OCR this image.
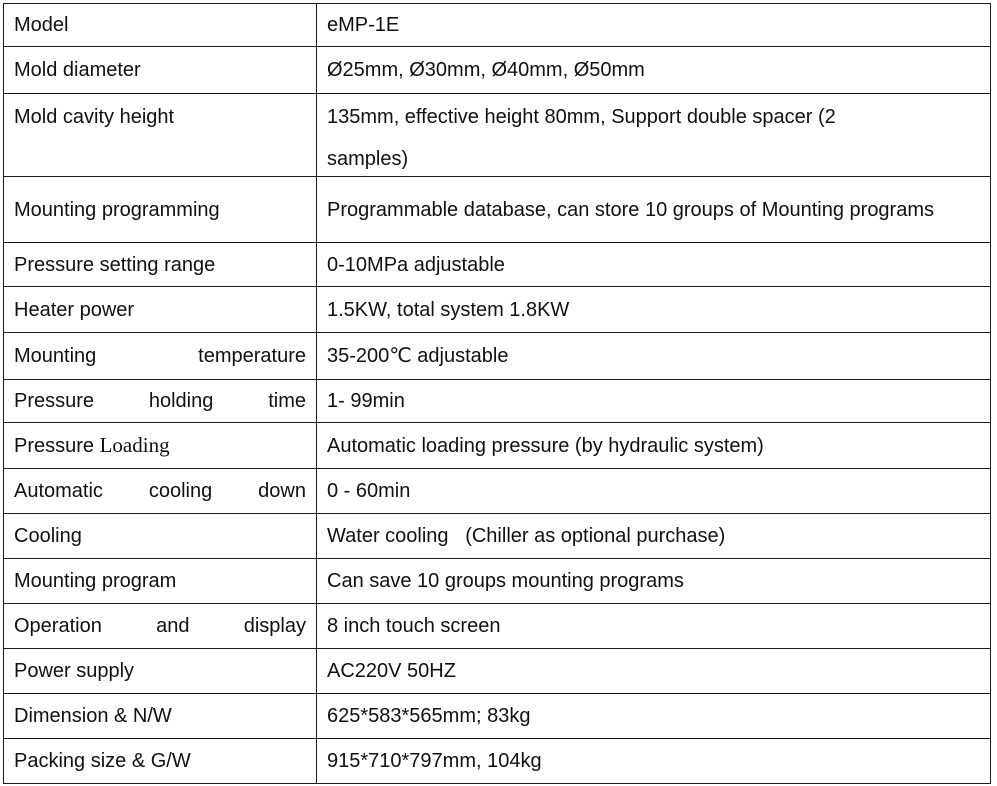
Model	eMP-1E
Mold diameter	Ø25mm, Ø30mm, Ø40mm, Ø50mm
Mold cavity height	135mm, effective height 80mm, Support double spacer (2
samples)

Mounting programming	Programmable database, can store 10 groups of Mounting programs
Pressure setting range	0-10MPa adjustable
Heater power	1.5KW, total system 1.8KW
Mounting temperature	35-200℃ adjustable
Pressure holding time	1- 99min
Pressure Loading	Automatic loading pressure (by hydraulic system)
Automatic cooling down	0 - 60min
Cooling	Water cooling   (Chiller as optional purchase)
Mounting program	Can save 10 groups mounting programs
Operation and display	8 inch touch screen
Power supply	AC220V 50HZ
Dimension & N/W	625*583*565mm; 83kg
Packing size & G/W	915*710*797mm, 104kg
